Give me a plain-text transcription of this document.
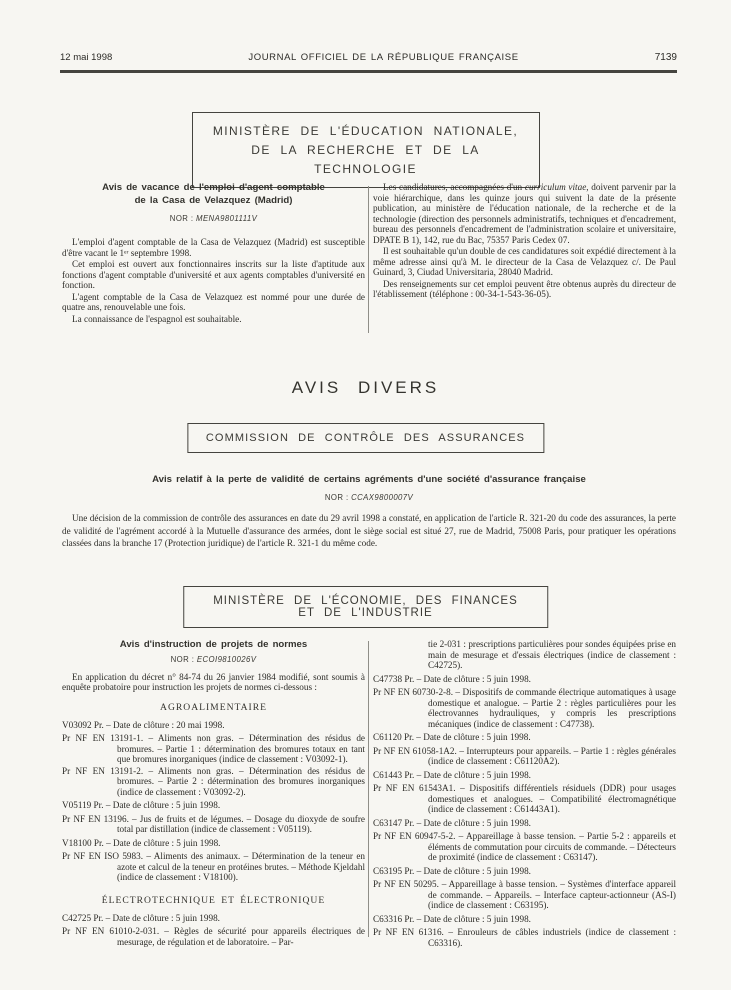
12 mai 1998	JOURNAL OFFICIEL DE LA RÉPUBLIQUE FRANÇAISE	7139
MINISTÈRE DE L'ÉDUCATION NATIONALE,
DE LA RECHERCHE ET DE LA TECHNOLOGIE
Avis de vacance de l'emploi d'agent comptable
de la Casa de Velazquez (Madrid)
NOR : MENA9801111V

L'emploi d'agent comptable de la Casa de Velazquez (Madrid) est susceptible d'être vacant le 1ᵉʳ septembre 1998.

Cet emploi est ouvert aux fonctionnaires inscrits sur la liste d'aptitude aux fonctions d'agent comptable d'université et aux agents comptables d'université en fonction.

L'agent comptable de la Casa de Velazquez est nommé pour une durée de quatre ans, renouvelable une fois.

La connaissance de l'espagnol est souhaitable.

Les candidatures, accompagnées d'un curriculum vitae, doivent parvenir par la voie hiérarchique, dans les quinze jours qui suivent la date de la présente publication, au ministère de l'éducation nationale, de la recherche et de la technologie (direction des personnels administratifs, techniques et d'encadrement, bureau des personnels d'encadrement de l'administration scolaire et universitaire, DPATE B 1), 142, rue du Bac, 75357 Paris Cedex 07.

Il est souhaitable qu'un double de ces candidatures soit expédié directement à la même adresse ainsi qu'à M. le directeur de la Casa de Velazquez c/. De Paul Guinard, 3, Ciudad Universitaria, 28040 Madrid.

Des renseignements sur cet emploi peuvent être obtenus auprès du directeur de l'établissement (téléphone : 00-34-1-543-36-05).

AVIS DIVERS
COMMISSION DE CONTRÔLE DES ASSURANCES
Avis relatif à la perte de validité de certains agréments d'une société d'assurance française
NOR : CCAX9800007V

Une décision de la commission de contrôle des assurances en date du 29 avril 1998 a constaté, en application de l'article R. 321-20 du code des assurances, la perte de validité de l'agrément accordé à la Mutuelle d'assurance des armées, dont le siège social est situé 27, rue de Madrid, 75008 Paris, pour pratiquer les opérations classées dans la branche 17 (Protection juridique) de l'article R. 321-1 du même code.

MINISTÈRE DE L'ÉCONOMIE, DES FINANCES ET DE L'INDUSTRIE
Avis d'instruction de projets de normes
NOR : ECOI9810026V

En application du décret n° 84-74 du 26 janvier 1984 modifié, sont soumis à enquête probatoire pour instruction les projets de normes ci-dessous :

AGROALIMENTAIRE

V03092 Pr. – Date de clôture : 20 mai 1998.

Pr NF EN 13191-1. – Aliments non gras. – Détermination des résidus de bromures. – Partie 1 : détermination des bromures totaux en tant que bromures inorganiques (indice de classement : V03092-1).

Pr NF EN 13191-2. – Aliments non gras. – Détermination des résidus de bromures. – Partie 2 : détermination des bromures inorganiques (indice de classement : V03092-2).

V05119 Pr. – Date de clôture : 5 juin 1998.

Pr NF EN 13196. – Jus de fruits et de légumes. – Dosage du dioxyde de soufre total par distillation (indice de classement : V05119).

V18100 Pr. – Date de clôture : 5 juin 1998.

Pr NF EN ISO 5983. – Aliments des animaux. – Détermination de la teneur en azote et calcul de la teneur en protéines brutes. – Méthode Kjeldahl (indice de classement : V18100).

ÉLECTROTECHNIQUE ET ÉLECTRONIQUE

C42725 Pr. – Date de clôture : 5 juin 1998.

Pr NF EN 61010-2-031. – Règles de sécurité pour appareils électriques de mesurage, de régulation et de laboratoire. – Par-

tie 2-031 : prescriptions particulières pour sondes équipées prise en main de mesurage et d'essais électriques (indice de classement : C42725).

C47738 Pr. – Date de clôture : 5 juin 1998.

Pr NF EN 60730-2-8. – Dispositifs de commande électrique automatiques à usage domestique et analogue. – Partie 2 : règles particulières pour les électrovannes hydrauliques, y compris les prescriptions mécaniques (indice de classement : C47738).

C61120 Pr. – Date de clôture : 5 juin 1998.

Pr NF EN 61058-1A2. – Interrupteurs pour appareils. – Partie 1 : règles générales (indice de classement : C61120A2).

C61443 Pr. – Date de clôture : 5 juin 1998.

Pr NF EN 61543A1. – Dispositifs différentiels résiduels (DDR) pour usages domestiques et analogues. – Compatibilité électromagnétique (indice de classement : C61443A1).

C63147 Pr. – Date de clôture : 5 juin 1998.

Pr NF EN 60947-5-2. – Appareillage à basse tension. – Partie 5-2 : appareils et éléments de commutation pour circuits de commande. – Détecteurs de proximité (indice de classement : C63147).

C63195 Pr. – Date de clôture : 5 juin 1998.

Pr NF EN 50295. – Appareillage à basse tension. – Systèmes d'interface appareil de commande. – Appareils. – Interface capteur-actionneur (AS-I) (indice de classement : C63195).

C63316 Pr. – Date de clôture : 5 juin 1998.

Pr NF EN 61316. – Enrouleurs de câbles industriels (indice de classement : C63316).
